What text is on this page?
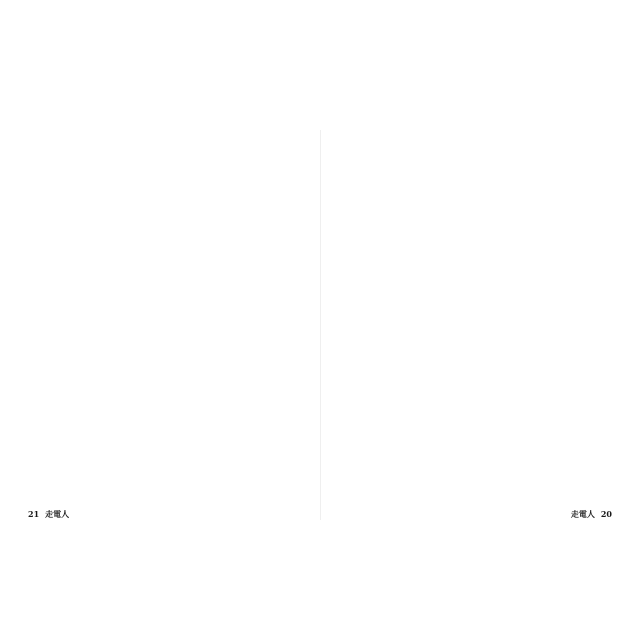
21 走電人	走電人 20
